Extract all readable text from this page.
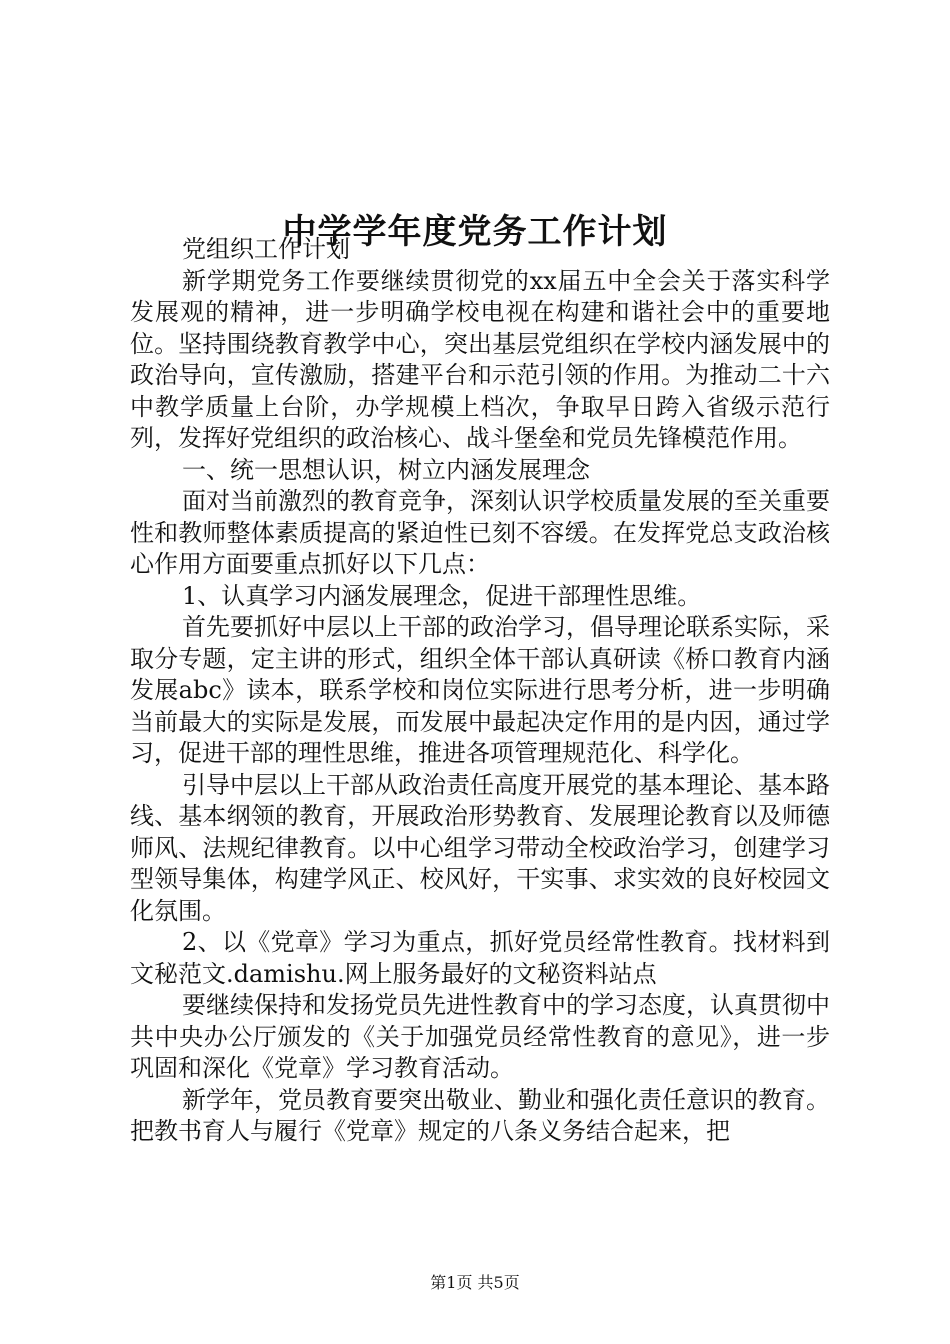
中学学年度党务工作计划

党组织工作计划

新学期党务工作要继续贯彻党的xx届五中全会关于落实科学发展观的精神，进一步明确学校电视在构建和谐社会中的重要地位。坚持围绕教育教学中心，突出基层党组织在学校内涵发展中的政治导向，宣传激励，搭建平台和示范引领的作用。为推动二十六中教学质量上台阶，办学规模上档次，争取早日跨入省级示范行列，发挥好党组织的政治核心、战斗堡垒和党员先锋模范作用。

一、统一思想认识，树立内涵发展理念

面对当前激烈的教育竞争，深刻认识学校质量发展的至关重要性和教师整体素质提高的紧迫性已刻不容缓。在发挥党总支政治核心作用方面要重点抓好以下几点：

1、认真学习内涵发展理念，促进干部理性思维。

首先要抓好中层以上干部的政治学习，倡导理论联系实际，采取分专题，定主讲的形式，组织全体干部认真研读《桥口教育内涵发展abc》读本，联系学校和岗位实际进行思考分析，进一步明确当前最大的实际是发展，而发展中最起决定作用的是内因，通过学习，促进干部的理性思维，推进各项管理规范化、科学化。

引导中层以上干部从政治责任高度开展党的基本理论、基本路线、基本纲领的教育，开展政治形势教育、发展理论教育以及师德师风、法规纪律教育。以中心组学习带动全校政治学习，创建学习型领导集体，构建学风正、校风好，干实事、求实效的良好校园文化氛围。

2、以《党章》学习为重点，抓好党员经常性教育。找材料到文秘范文.damishu.网上服务最好的文秘资料站点

要继续保持和发扬党员先进性教育中的学习态度，认真贯彻中共中央办公厅颁发的《关于加强党员经常性教育的意见》，进一步巩固和深化《党章》学习教育活动。

新学年，党员教育要突出敬业、勤业和强化责任意识的教育。把教书育人与履行《党章》规定的八条义务结合起来，把

第1页 共5页
